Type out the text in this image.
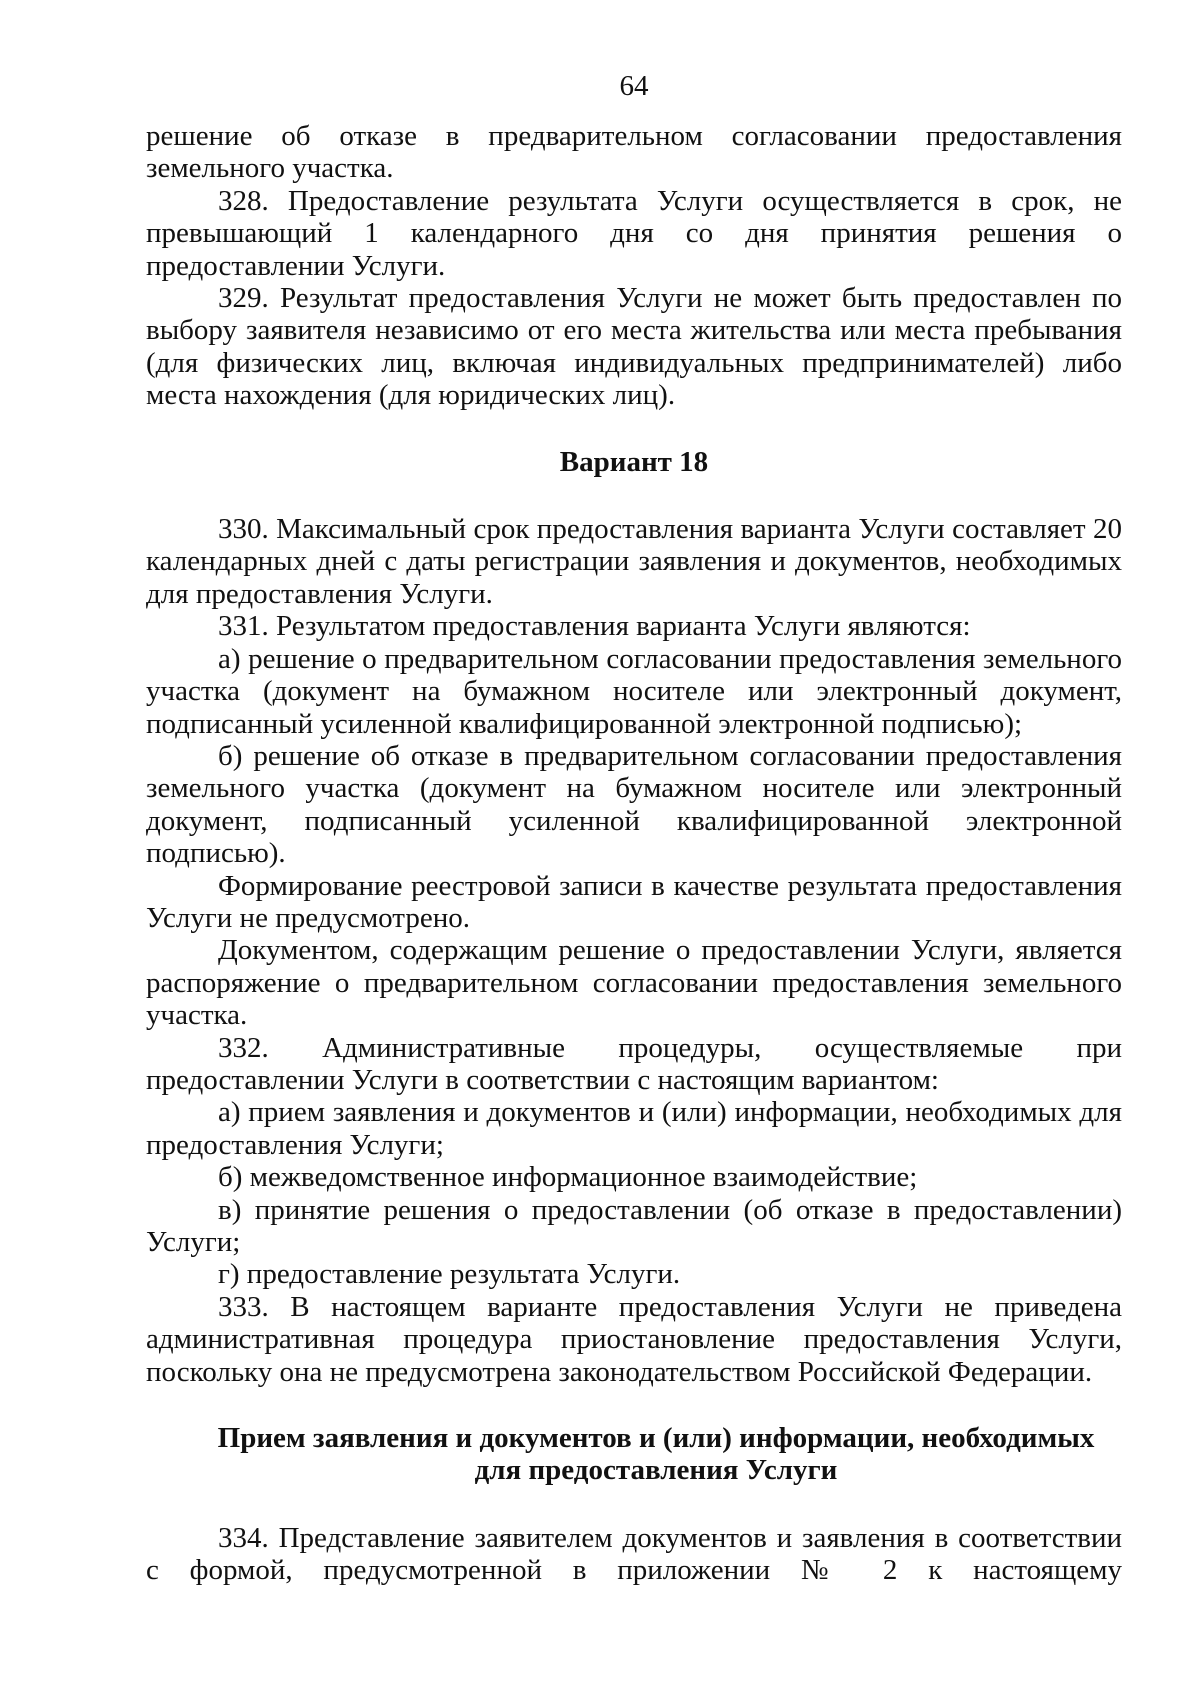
64

решение об отказе в предварительном согласовании предоставления земельного участка.

328. Предоставление результата Услуги осуществляется в срок, не превышающий 1 календарного дня со дня принятия решения о предоставлении Услуги.

329. Результат предоставления Услуги не может быть предоставлен по выбору заявителя независимо от его места жительства или места пребывания (для физических лиц, включая индивидуальных предпринимателей) либо места нахождения (для юридических лиц).

Вариант 18

330. Максимальный срок предоставления варианта Услуги составляет 20 календарных дней с даты регистрации заявления и документов, необходимых для предоставления Услуги.

331. Результатом предоставления варианта Услуги являются:

а) решение о предварительном согласовании предоставления земельного участка (документ на бумажном носителе или электронный документ, подписанный усиленной квалифицированной электронной подписью);

б) решение об отказе в предварительном согласовании предоставления земельного участка (документ на бумажном носителе или электронный документ, подписанный усиленной квалифицированной электронной подписью).

Формирование реестровой записи в качестве результата предоставления Услуги не предусмотрено.

Документом, содержащим решение о предоставлении Услуги, является распоряжение о предварительном согласовании предоставления земельного участка.

332. Административные процедуры, осуществляемые при предоставлении Услуги в соответствии с настоящим вариантом:

а) прием заявления и документов и (или) информации, необходимых для предоставления Услуги;

б) межведомственное информационное взаимодействие;

в) принятие решения о предоставлении (об отказе в предоставлении) Услуги;

г) предоставление результата Услуги.

333. В настоящем варианте предоставления Услуги не приведена административная процедура приостановление предоставления Услуги, поскольку она не предусмотрена законодательством Российской Федерации.

Прием заявления и документов и (или) информации, необходимых для предоставления Услуги

334. Представление заявителем документов и заявления в соответствии с формой, предусмотренной в приложении № 2 к настоящему
